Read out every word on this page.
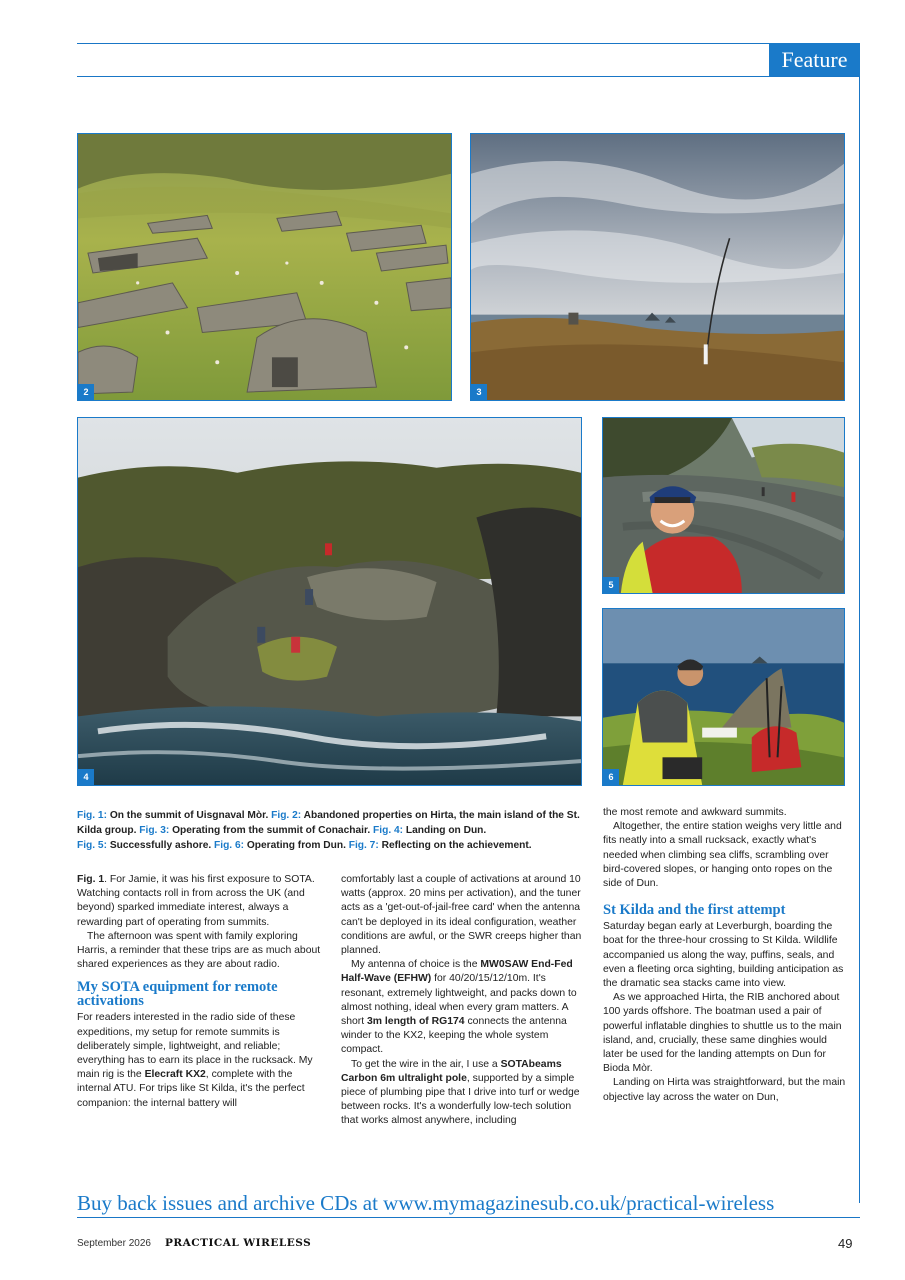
Feature
2	3
4
5
6
Fig. 1: On the summit of Uisgnaval Mòr. Fig. 2: Abandoned properties on Hirta, the main island of the St. Kilda group. Fig. 3: Operating from the summit of Conachair. Fig. 4: Landing on Dun.
Fig. 5: Successfully ashore. Fig. 6: Operating from Dun. Fig. 7: Reflecting on the achievement.

Fig. 1. For Jamie, it was his first exposure to SOTA. Watching contacts roll in from across the UK (and beyond) sparked immediate interest, always a rewarding part of operating from summits.

The afternoon was spent with family exploring Harris, a reminder that these trips are as much about shared experiences as they are about radio.

My SOTA equipment for remote activations

For readers interested in the radio side of these expeditions, my setup for remote summits is deliberately simple, lightweight, and reliable; everything has to earn its place in the rucksack. My main rig is the Elecraft KX2, complete with the internal ATU. For trips like St Kilda, it's the perfect companion: the internal battery will

comfortably last a couple of activations at around 10 watts (approx. 20 mins per activation), and the tuner acts as a 'get-out-of-jail-free card' when the antenna can't be deployed in its ideal configuration, weather conditions are awful, or the SWR creeps higher than planned.

My antenna of choice is the MW0SAW End-Fed Half-Wave (EFHW) for 40/20/15/12/10m. It's resonant, extremely lightweight, and packs down to almost nothing, ideal when every gram matters. A short 3m length of RG174 connects the antenna winder to the KX2, keeping the whole system compact.

To get the wire in the air, I use a SOTAbeams Carbon 6m ultralight pole, supported by a simple piece of plumbing pipe that I drive into turf or wedge between rocks. It's a wonderfully low-tech solution that works almost anywhere, including

the most remote and awkward summits.

Altogether, the entire station weighs very little and fits neatly into a small rucksack, exactly what's needed when climbing sea cliffs, scrambling over bird-covered slopes, or hanging onto ropes on the side of Dun.

St Kilda and the first attempt

Saturday began early at Leverburgh, boarding the boat for the three-hour crossing to St Kilda. Wildlife accompanied us along the way, puffins, seals, and even a fleeting orca sighting, building anticipation as the dramatic sea stacks came into view.

As we approached Hirta, the RIB anchored about 100 yards offshore. The boatman used a pair of powerful inflatable dinghies to shuttle us to the main island, and, crucially, these same dinghies would later be used for the landing attempts on Dun for Bioda Mòr.

Landing on Hirta was straightforward, but the main objective lay across the water on Dun,

Buy back issues and archive CDs at www.mymagazinesub.co.uk/practical-wireless
September 2026 PRACTICAL WIRELESS	49
